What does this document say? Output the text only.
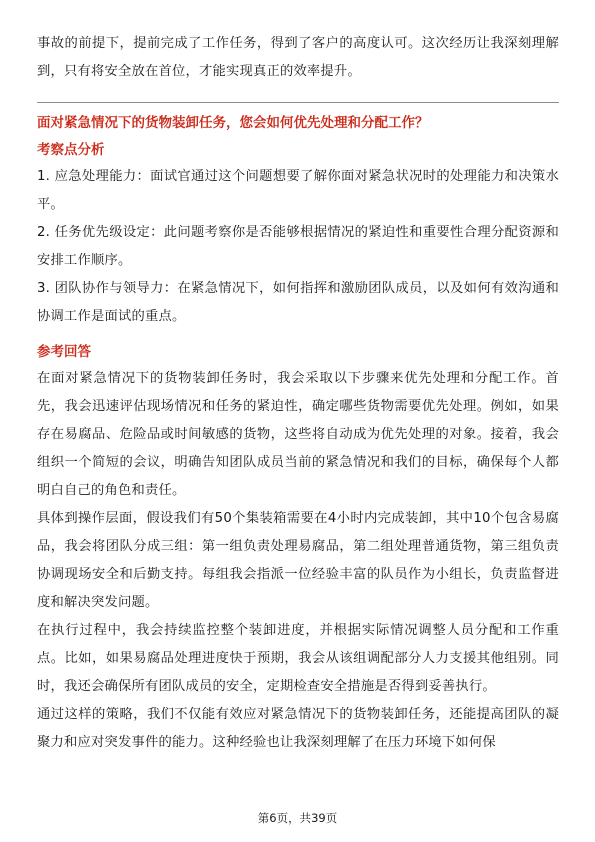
事故的前提下，提前完成了工作任务，得到了客户的高度认可。这次经历让我深刻理解到，只有将安全放在首位，才能实现真正的效率提升。

面对紧急情况下的货物装卸任务，您会如何优先处理和分配工作？
考察点分析

1. 应急处理能力：面试官通过这个问题想要了解你面对紧急状况时的处理能力和决策水平。

2. 任务优先级设定：此问题考察你是否能够根据情况的紧迫性和重要性合理分配资源和安排工作顺序。

3. 团队协作与领导力：在紧急情况下，如何指挥和激励团队成员，以及如何有效沟通和协调工作是面试的重点。

参考回答

在面对紧急情况下的货物装卸任务时，我会采取以下步骤来优先处理和分配工作。首先，我会迅速评估现场情况和任务的紧迫性，确定哪些货物需要优先处理。例如，如果存在易腐品、危险品或时间敏感的货物，这些将自动成为优先处理的对象。接着，我会组织一个简短的会议，明确告知团队成员当前的紧急情况和我们的目标，确保每个人都明白自己的角色和责任。

具体到操作层面，假设我们有50个集装箱需要在4小时内完成装卸，其中10个包含易腐品，我会将团队分成三组：第一组负责处理易腐品，第二组处理普通货物，第三组负责协调现场安全和后勤支持。每组我会指派一位经验丰富的队员作为小组长，负责监督进度和解决突发问题。

在执行过程中，我会持续监控整个装卸进度，并根据实际情况调整人员分配和工作重点。比如，如果易腐品处理进度快于预期，我会从该组调配部分人力支援其他组别。同时，我还会确保所有团队成员的安全，定期检查安全措施是否得到妥善执行。

通过这样的策略，我们不仅能有效应对紧急情况下的货物装卸任务，还能提高团队的凝聚力和应对突发事件的能力。这种经验也让我深刻理解了在压力环境下如何保

第6页，共39页
